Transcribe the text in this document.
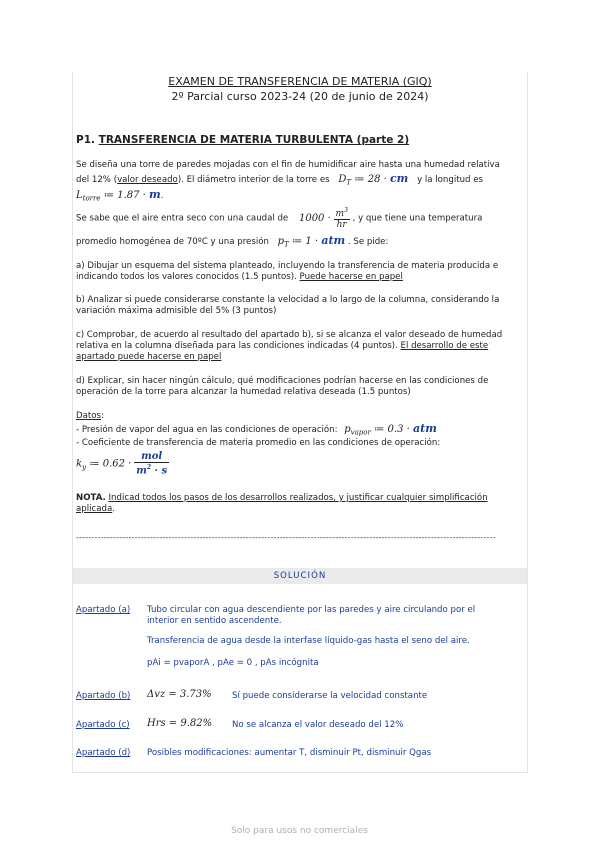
EXAMEN DE TRANSFERENCIA DE MATERIA (GIQ)
2º Parcial curso 2023-24 (20 de junio de 2024)
P1. TRANSFERENCIA DE MATERIA TURBULENTA (parte 2)
Se diseña una torre de paredes mojadas con el fin de humidificar aire hasta una humedad relativa
del 12% (valor deseado). El diámetro interior de la torre es $D_T$ ≔ 28 · cm y la longitud es
$L_{torre}$ ≔ 1.87 · m.
Se sabe que el aire entra seco con una caudal de $1000 \cdot \frac{m^3}{hr}$ , y que tiene una temperatura
promedio homogénea de 70ºC y una presión $p_T$ ≔ 1 · atm . Se pide:
a) Dibujar un esquema del sistema planteado, incluyendo la transferencia de materia producida e
indicando todos los valores conocidos (1.5 puntos). Puede hacerse en papel
b) Analizar si puede considerarse constante la velocidad a lo largo de la columna, considerando la
variación máxima admisible del 5% (3 puntos)
c) Comprobar, de acuerdo al resultado del apartado b), si se alcanza el valor deseado de humedad
relativa en la columna diseñada para las condiciones indicadas (4 puntos). El desarrollo de este
apartado puede hacerse en papel
d) Explicar, sin hacer ningún cálculo, qué modificaciones podrían hacerse en las condiciones de
operación de la torre para alcanzar la humedad relativa deseada (1.5 puntos)
Datos:
- Presión de vapor del agua en las condiciones de operación: $p_{vapor}$ ≔ 0.3 · atm
- Coeficiente de transferencia de materia promedio en las condiciones de operación:
$k_y$ ≔ $0.62 \cdot \frac{\text{mol}}{m^2 \cdot s}$
NOTA. Indicad todos los pasos de los desarrollos realizados, y justificar cualquier simplificación
aplicada.
----------------------------------------------------------------------------------------------------------------------------------------
SOLUCIÓN
Apartado (a) Tubo circular con agua descendiente por las paredes y aire circulando por el
interior en sentido ascendente.
Transferencia de agua desde la interfase líquido-gas hasta el seno del aire.
pAi = pvaporA , pAe = 0 , pAs incógnita
Apartado (b) Δvz = 3.73% Sí puede considerarse la velocidad constante
Apartado (c) Hrs = 9.82% No se alcanza el valor deseado del 12%
Apartado (d) Posibles modificaciones: aumentar T, disminuir Pt, disminuir Qgas
Solo para usos no comerciales
